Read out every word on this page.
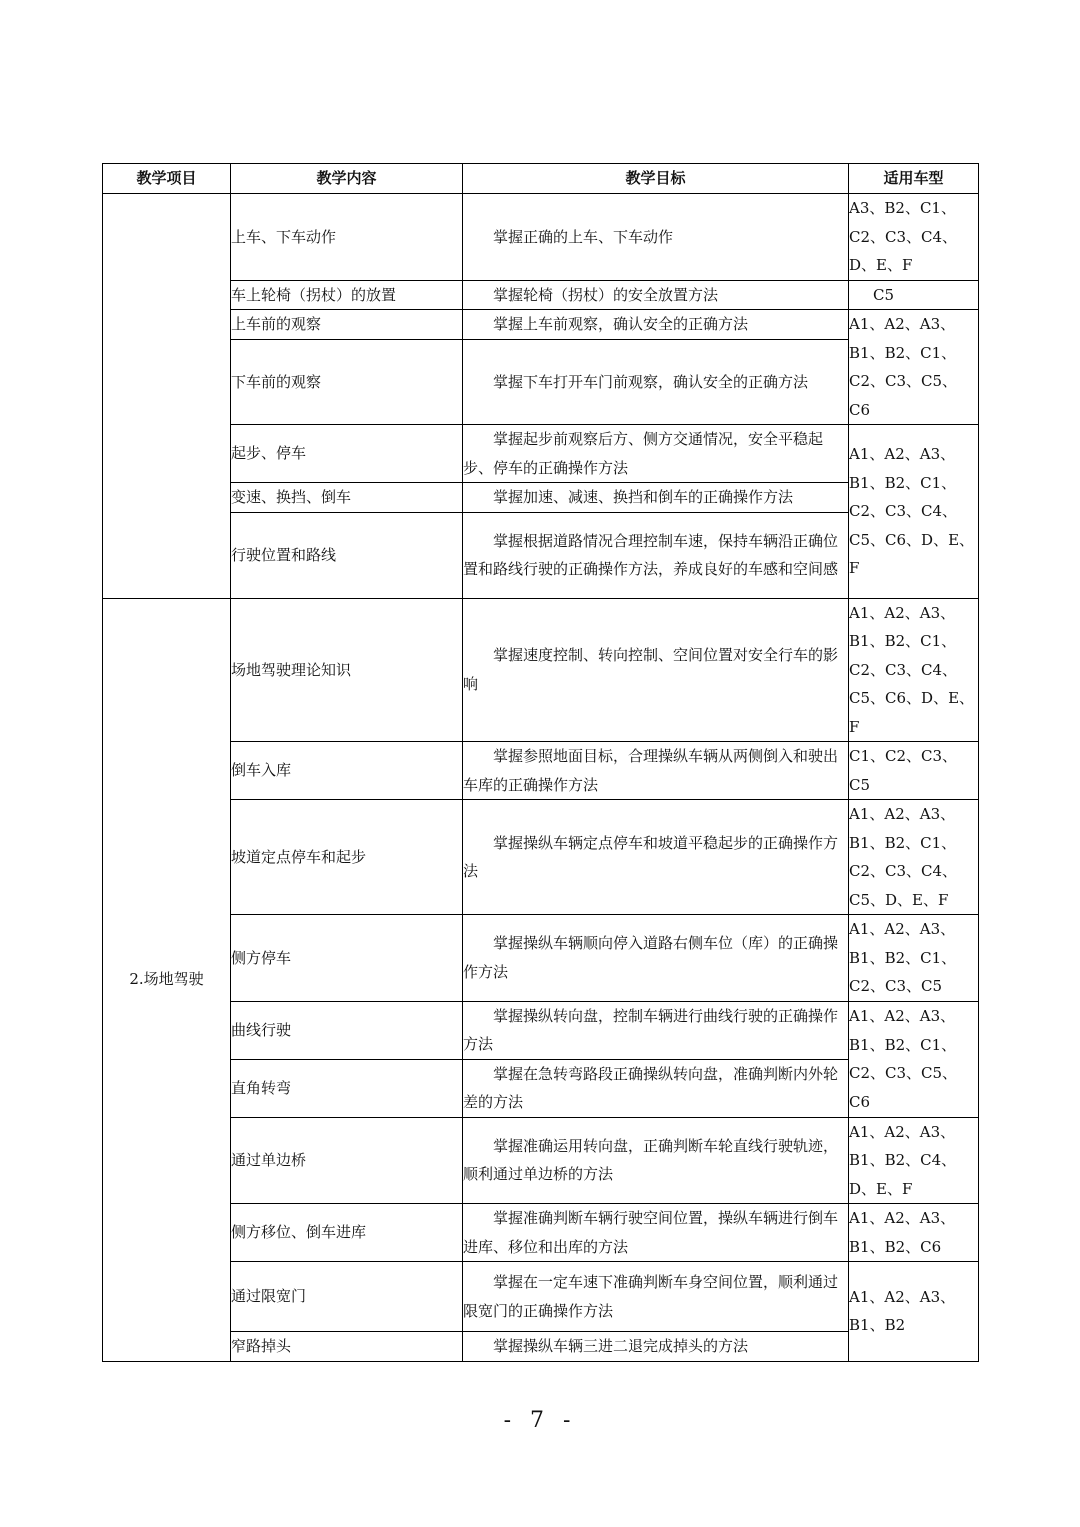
教学项目	教学内容	教学目标	适用车型
	上车、下车动作	掌握正确的上车、下车动作	A3、B2、C1、C2、C3、C4、D、E、F
	车上轮椅（拐杖）的放置	掌握轮椅（拐杖）的安全放置方法	C5
	上车前的观察	掌握上车前观察，确认安全的正确方法	A1、A2、A3、B1、B2、C1、C2、C3、C5、C6
	下车前的观察	掌握下车打开车门前观察，确认安全的正确方法	
	起步、停车	掌握起步前观察后方、侧方交通情况，安全平稳起步、停车的正确操作方法	A1、A2、A3、B1、B2、C1、C2、C3、C4、C5、C6、D、E、F
	变速、换挡、倒车	掌握加速、减速、换挡和倒车的正确操作方法	
	行驶位置和路线	掌握根据道路情况合理控制车速，保持车辆沿正确位置和路线行驶的正确操作方法，养成良好的车感和空间感	
2.场地驾驶	场地驾驶理论知识	掌握速度控制、转向控制、空间位置对安全行车的影响	A1、A2、A3、B1、B2、C1、C2、C3、C4、C5、C6、D、E、F
	倒车入库	掌握参照地面目标，合理操纵车辆从两侧倒入和驶出车库的正确操作方法	C1、C2、C3、C5
	坡道定点停车和起步	掌握操纵车辆定点停车和坡道平稳起步的正确操作方法	A1、A2、A3、B1、B2、C1、C2、C3、C4、C5、D、E、F
	侧方停车	掌握操纵车辆顺向停入道路右侧车位（库）的正确操作方法	A1、A2、A3、B1、B2、C1、C2、C3、C5
	曲线行驶	掌握操纵转向盘，控制车辆进行曲线行驶的正确操作方法	A1、A2、A3、B1、B2、C1、C2、C3、C5、C6
	直角转弯	掌握在急转弯路段正确操纵转向盘，准确判断内外轮差的方法	
	通过单边桥	掌握准确运用转向盘，正确判断车轮直线行驶轨迹，顺利通过单边桥的方法	A1、A2、A3、B1、B2、C4、D、E、F
	侧方移位、倒车进库	掌握准确判断车辆行驶空间位置，操纵车辆进行倒车进库、移位和出库的方法	A1、A2、A3、B1、B2、C6
	通过限宽门	掌握在一定车速下准确判断车身空间位置，顺利通过限宽门的正确操作方法	A1、A2、A3、B1、B2
	窄路掉头	掌握操纵车辆三进二退完成掉头的方法	
- 7 -
